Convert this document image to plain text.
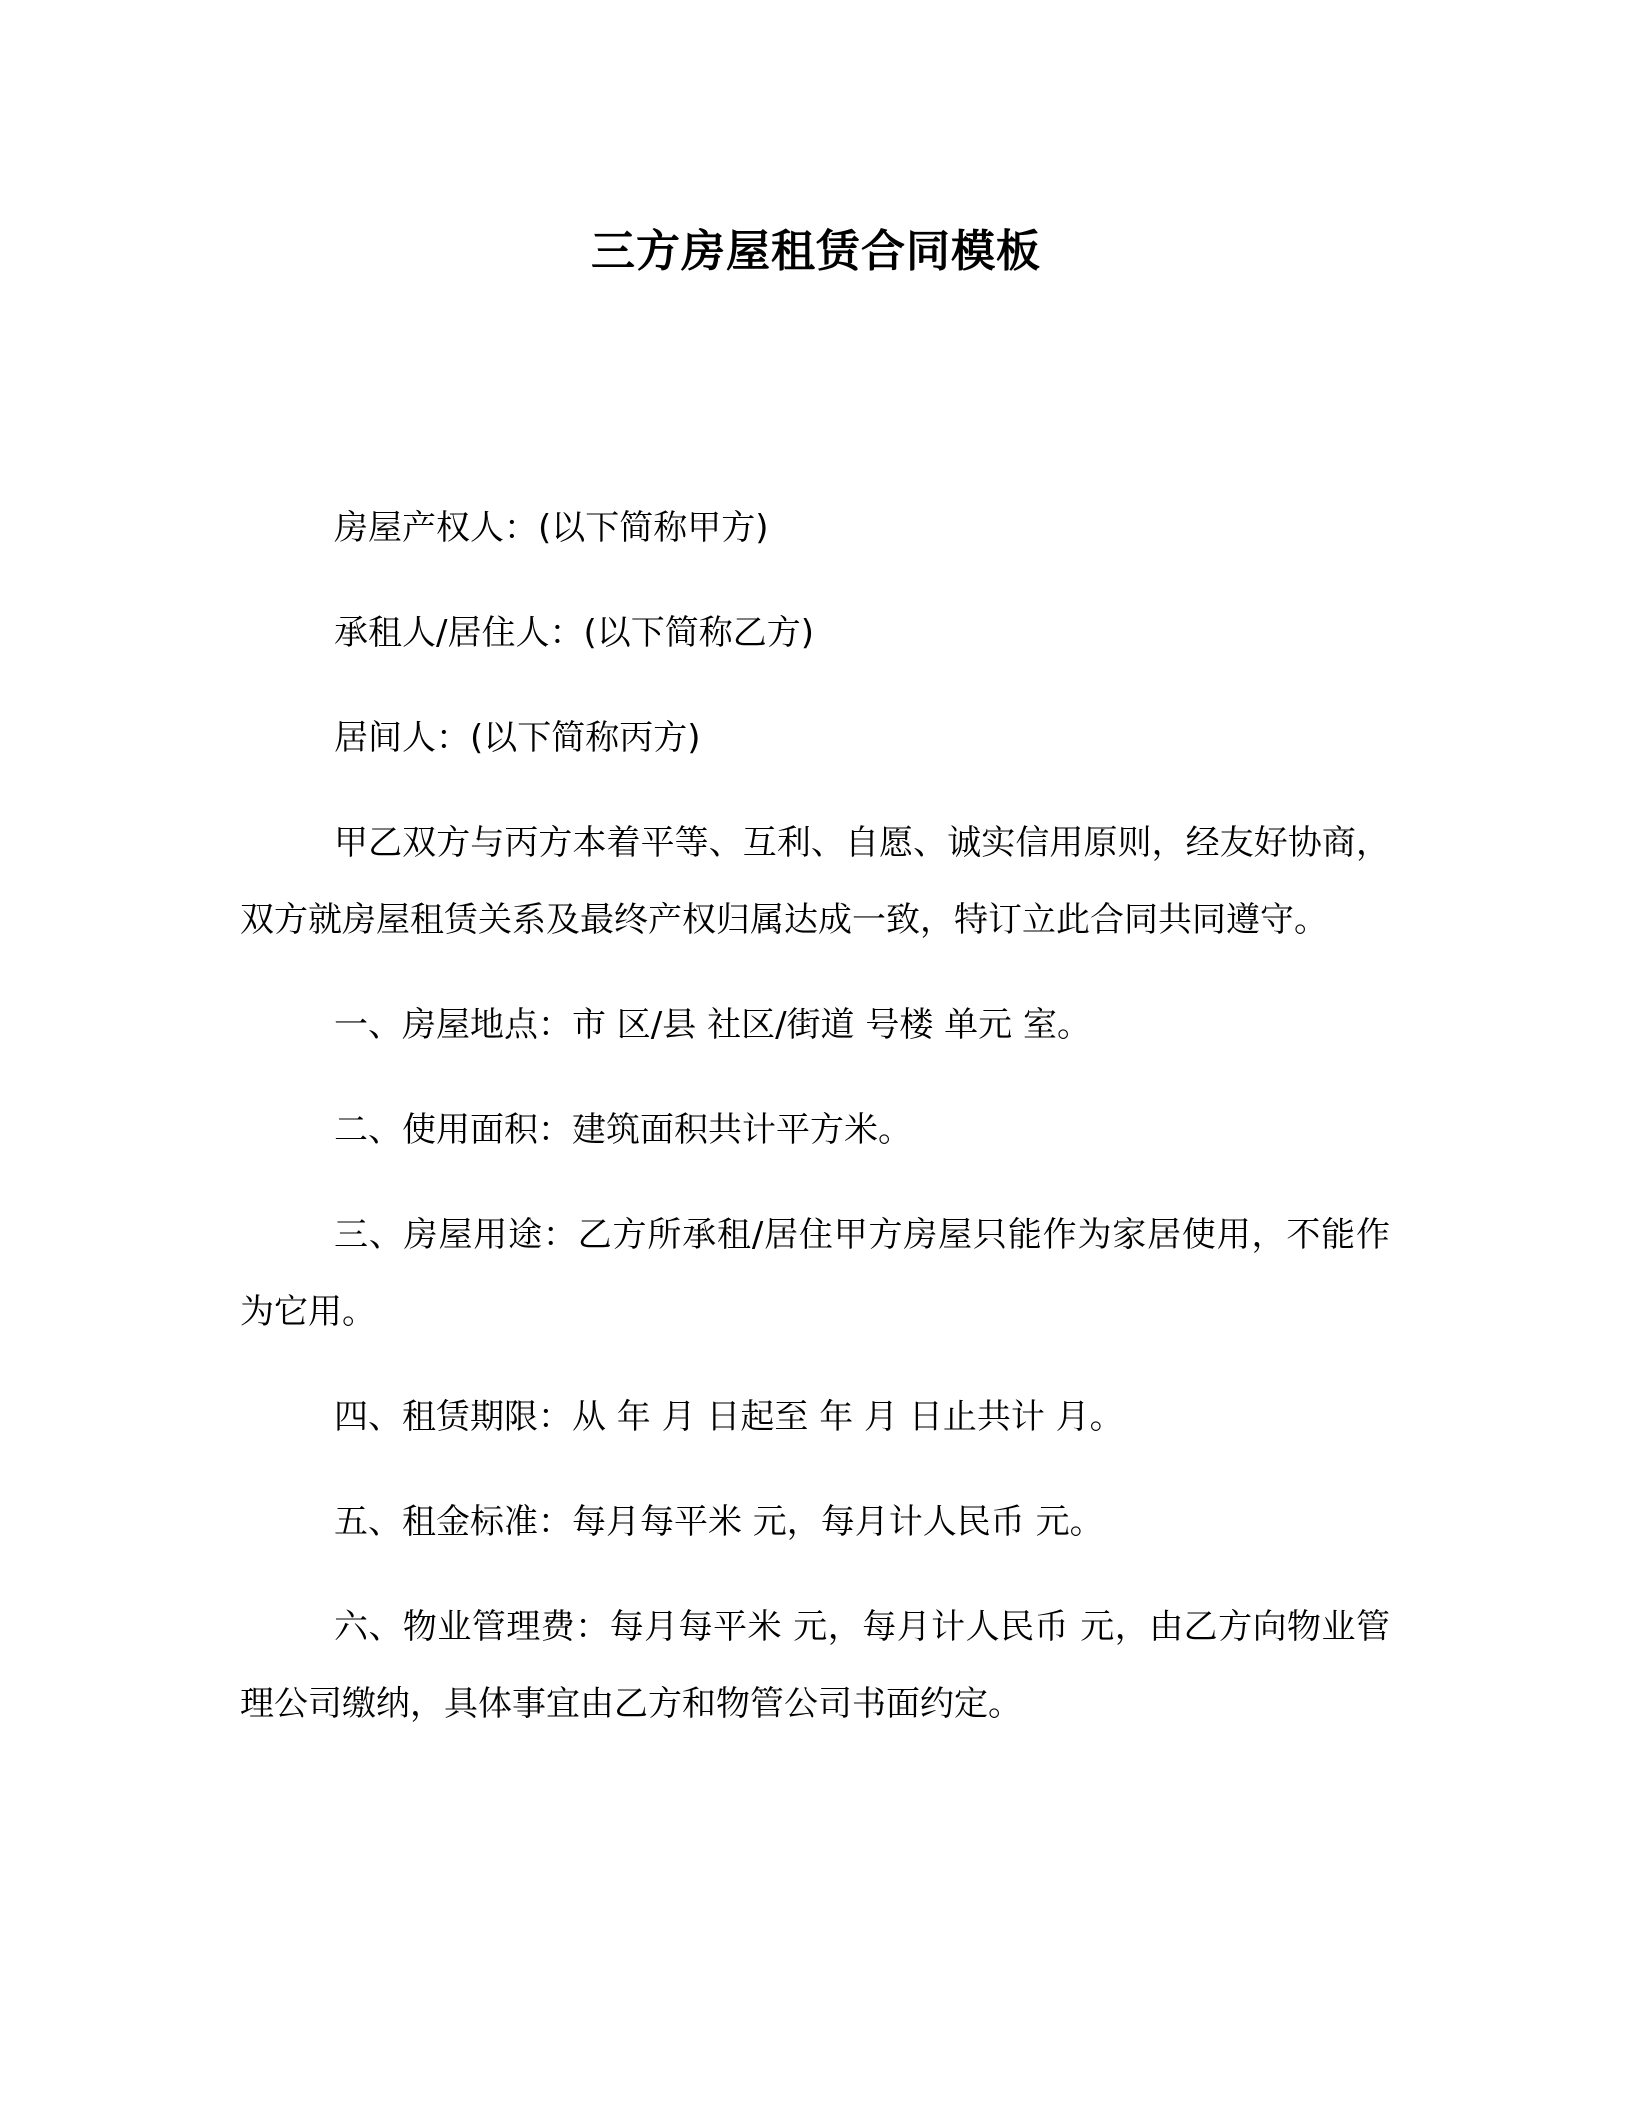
三方房屋租赁合同模板

房屋产权人：(以下简称甲方)

承租人/居住人：(以下简称乙方)

居间人：(以下简称丙方)

甲乙双方与丙方本着平等、互利、自愿、诚实信用原则，经友好协商，双方就房屋租赁关系及最终产权归属达成一致，特订立此合同共同遵守。

一、房屋地点：市 区/县 社区/街道 号楼 单元 室。

二、使用面积：建筑面积共计平方米。

三、房屋用途：乙方所承租/居住甲方房屋只能作为家居使用，不能作为它用。

四、租赁期限：从 年 月 日起至 年 月 日止共计 月。

五、租金标准：每月每平米 元，每月计人民币 元。

六、物业管理费：每月每平米 元，每月计人民币 元，由乙方向物业管理公司缴纳，具体事宜由乙方和物管公司书面约定。
